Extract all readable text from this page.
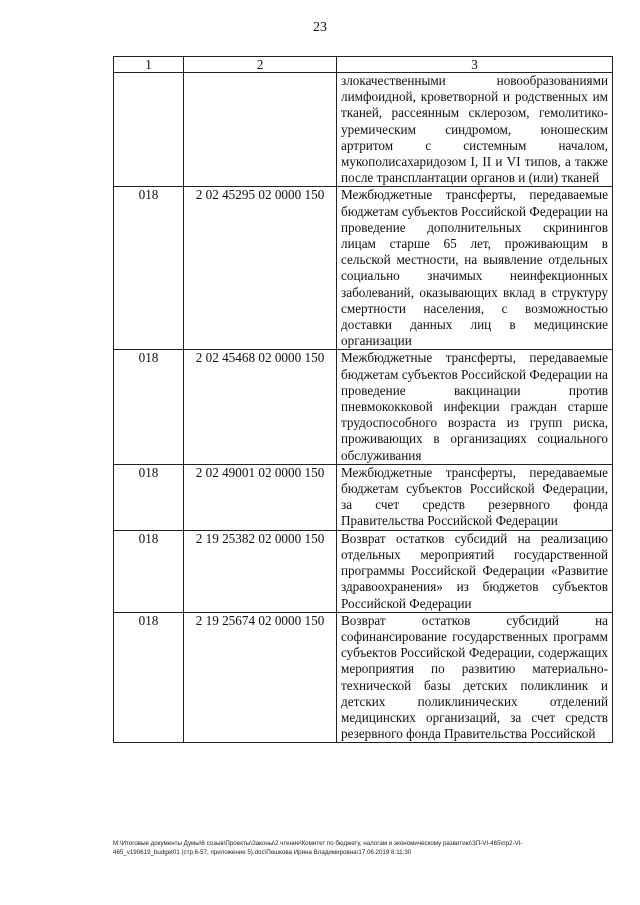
23
1	2	3
		злокачественными новообразованиями лимфоидной, кроветворной и родственных им тканей, рассеянным склерозом, гемолитико-уремическим синдромом, юношеским артритом с системным началом, мукополисахаридозом I, II и VI типов, а также после трансплантации органов и (или) тканей
018	2 02 45295 02 0000 150	Межбюджетные трансферты, передаваемые бюджетам субъектов Российской Федерации на проведение дополнительных скринингов лицам старше 65 лет, проживающим в сельской местности, на выявление отдельных социально значимых неинфекционных заболеваний, оказывающих вклад в структуру смертности населения, с возможностью доставки данных лиц в медицинские организации
018	2 02 45468 02 0000 150	Межбюджетные трансферты, передаваемые бюджетам субъектов Российской Федерации на проведение вакцинации против пневмококковой инфекции граждан старше трудоспособного возраста из групп риска, проживающих в организациях социального обслуживания
018	2 02 49001 02 0000 150	Межбюджетные трансферты, передаваемые бюджетам субъектов Российской Федерации, за счет средств резервного фонда Правительства Российской Федерации
018	2 19 25382 02 0000 150	Возврат остатков субсидий на реализацию отдельных мероприятий государственной программы Российской Федерации «Развитие здравоохранения» из бюджетов субъектов Российской Федерации
018	2 19 25674 02 0000 150	Возврат остатков субсидий на софинансирование государственных программ субъектов Российской Федерации, содержащих мероприятия по развитию материально-технической базы детских поликлиник и детских поликлинических отделений медицинских организаций, за счет средств резервного фонда Правительства Российской
М:\Итоговые документы Думы\6 созыв\Проекты\Законы\2 чтение\Комитет по бюджету, налогам и экономическому развитию\ЗП-VI-465\пр2-VI-
465_v190619_budget01 (стр.6-57, приложение 5).doc\Пешкова Ирина Владимировна\17.06.2019 8:11:30
